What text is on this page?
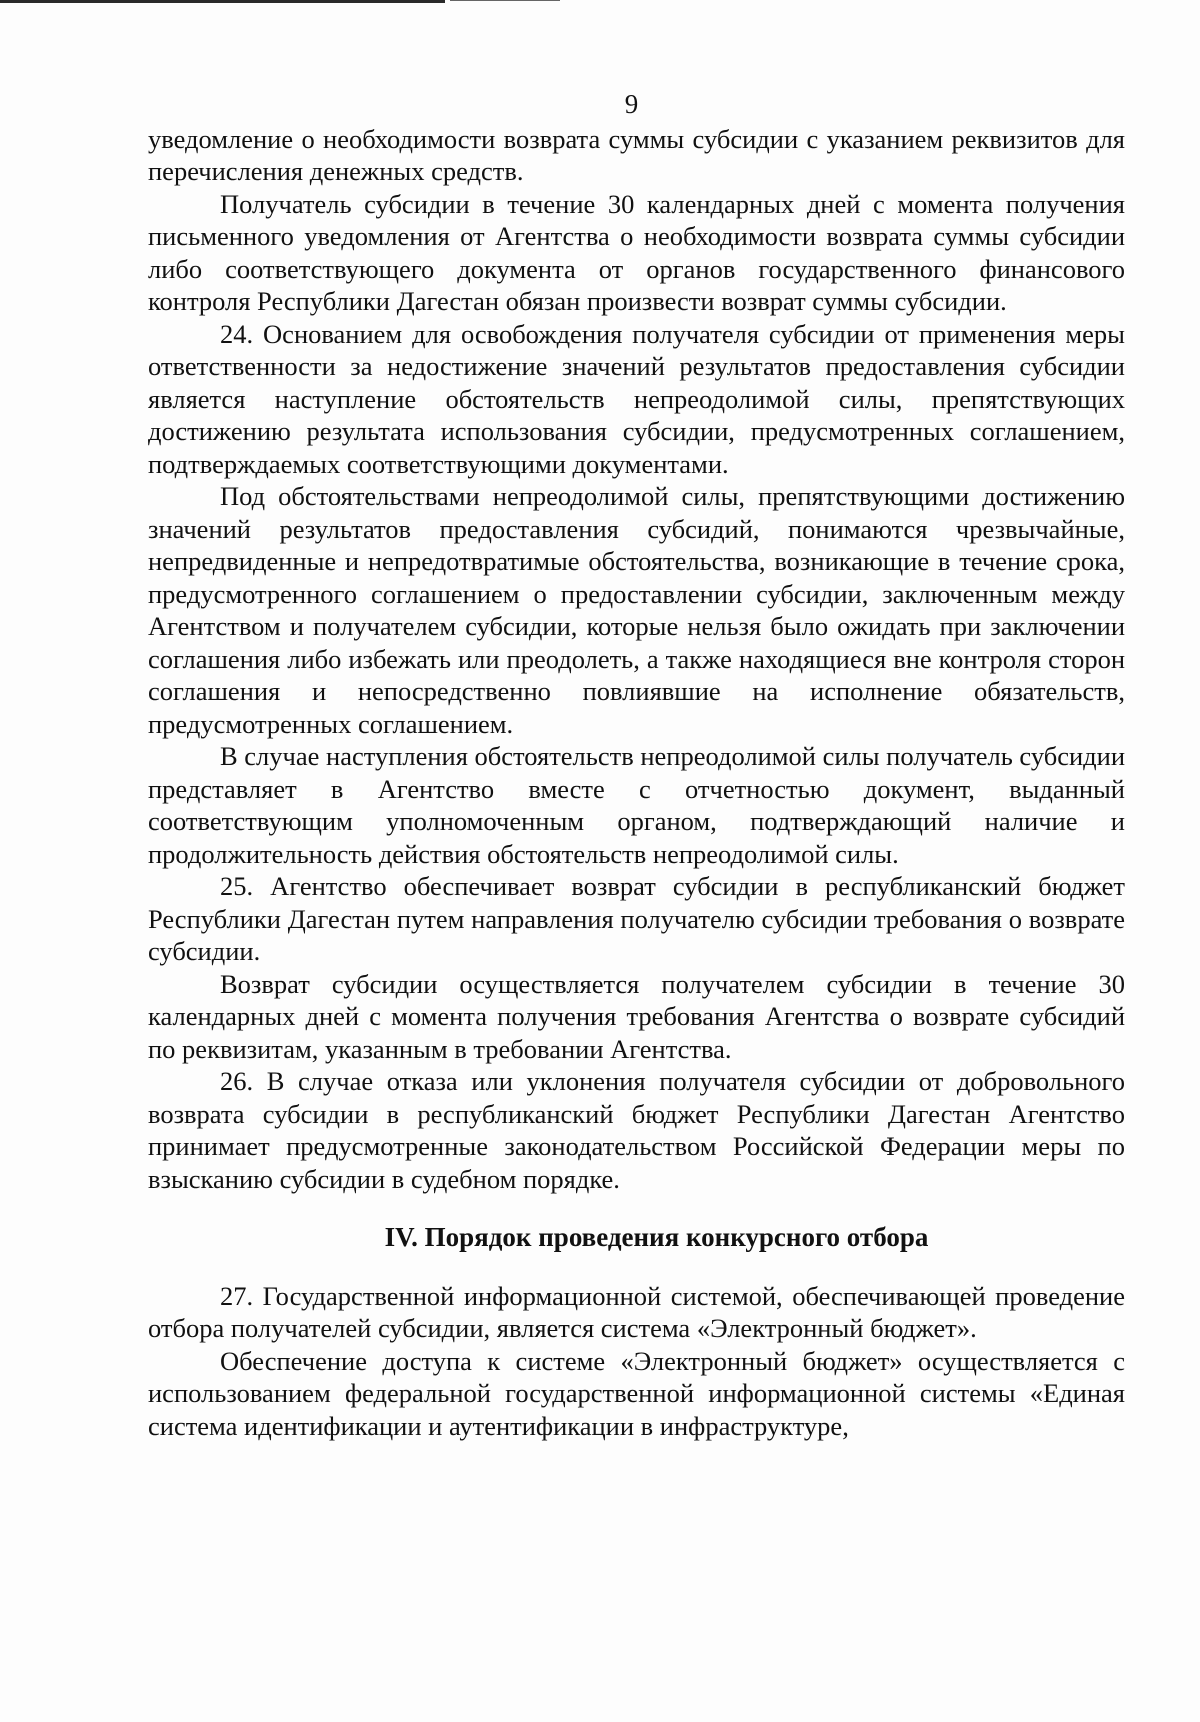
9

уведомление о необходимости возврата суммы субсидии с указанием реквизитов для перечисления денежных средств.

Получатель субсидии в течение 30 календарных дней с момента получения письменного уведомления от Агентства о необходимости возврата суммы субсидии либо соответствующего документа от органов государственного финансового контроля Республики Дагестан обязан произвести возврат суммы субсидии.

24. Основанием для освобождения получателя субсидии от применения меры ответственности за недостижение значений результатов предоставления субсидии является наступление обстоятельств непреодолимой силы, препятствующих достижению результата использования субсидии, предусмотренных соглашением, подтверждаемых соответствующими документами.

Под обстоятельствами непреодолимой силы, препятствующими достижению значений результатов предоставления субсидий, понимаются чрезвычайные, непредвиденные и непредотвратимые обстоятельства, возникающие в течение срока, предусмотренного соглашением о предоставлении субсидии, заключенным между Агентством и получателем субсидии, которые нельзя было ожидать при заключении соглашения либо избежать или преодолеть, а также находящиеся вне контроля сторон соглашения и непосредственно повлиявшие на исполнение обязательств, предусмотренных соглашением.

В случае наступления обстоятельств непреодолимой силы получатель субсидии представляет в Агентство вместе с отчетностью документ, выданный соответствующим уполномоченным органом, подтверждающий наличие и продолжительность действия обстоятельств непреодолимой силы.

25. Агентство обеспечивает возврат субсидии в республиканский бюджет Республики Дагестан путем направления получателю субсидии требования о возврате субсидии.

Возврат субсидии осуществляется получателем субсидии в течение 30 календарных дней с момента получения требования Агентства о возврате субсидий по реквизитам, указанным в требовании Агентства.

26. В случае отказа или уклонения получателя субсидии от добровольного возврата субсидии в республиканский бюджет Республики Дагестан Агентство принимает предусмотренные законодательством Российской Федерации меры по взысканию субсидии в судебном порядке.

IV. Порядок проведения конкурсного отбора

27. Государственной информационной системой, обеспечивающей проведение отбора получателей субсидии, является система «Электронный бюджет».

Обеспечение доступа к системе «Электронный бюджет» осуществляется с использованием федеральной государственной информационной системы «Единая система идентификации и аутентификации в инфраструктуре,
